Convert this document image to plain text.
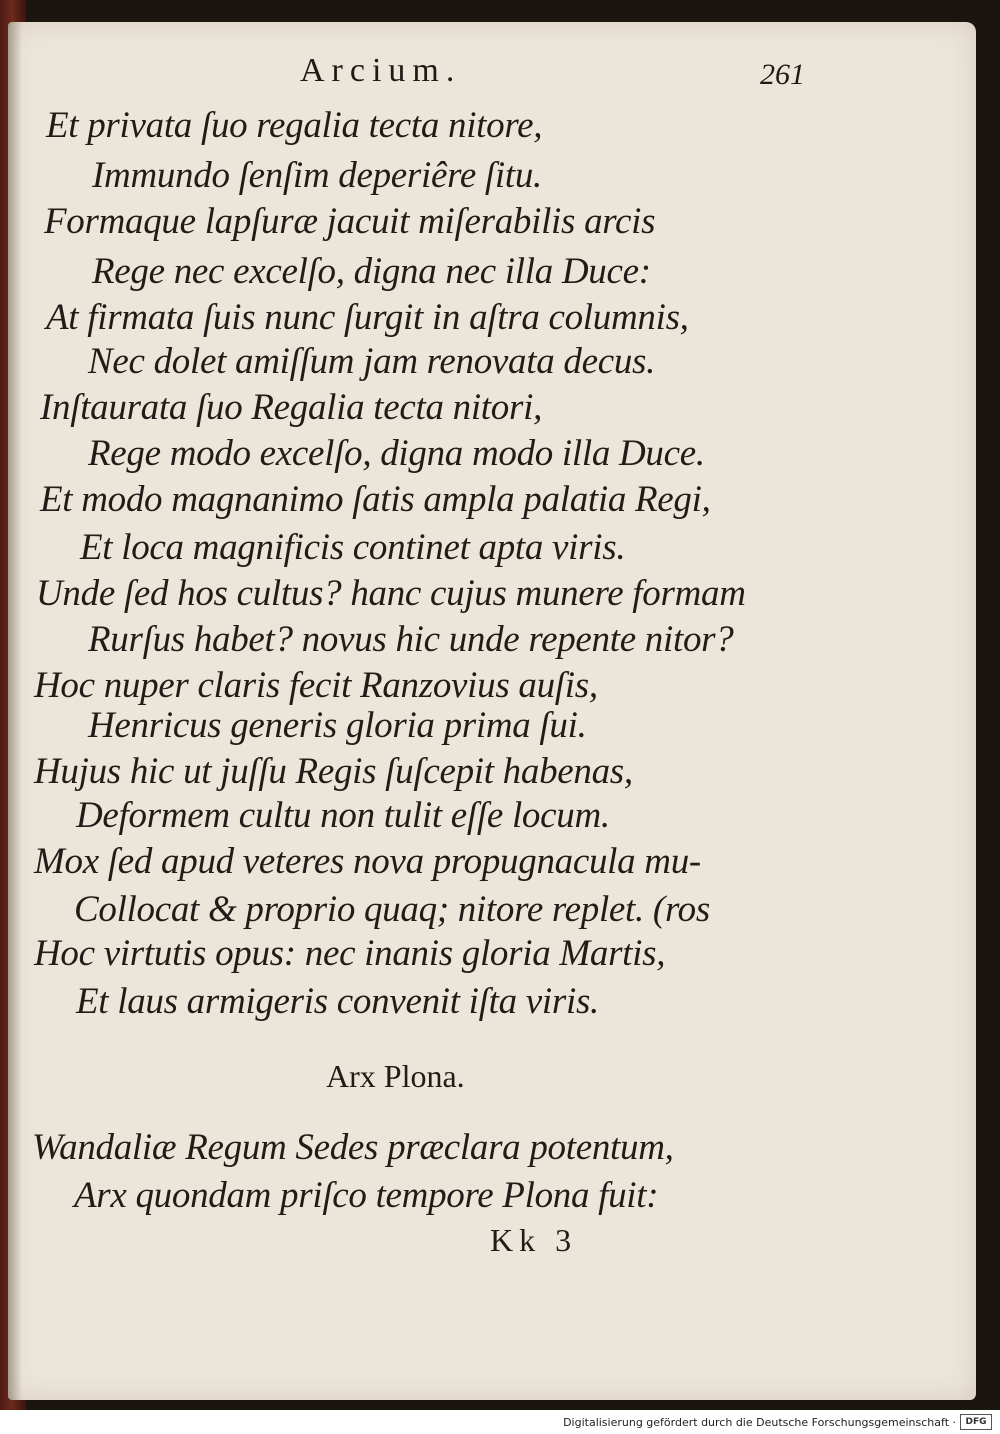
Arcium.	261
Et privata ſuo regalia tecta nitore,
Immundo ſenſim deperiêre ſitu.
Formaque lapſuræ jacuit miſerabilis arcis
Rege nec excelſo, digna nec illa Duce:
At firmata ſuis nunc ſurgit in aſtra columnis,
Nec dolet amiſſum jam renovata decus.
Inſtaurata ſuo Regalia tecta nitori,
Rege modo excelſo, digna modo illa Duce.
Et modo magnanimo ſatis ampla palatia Regi,
Et loca magnificis continet apta viris.
Unde ſed hos cultus? hanc cujus munere formam
Rurſus habet? novus hic unde repente nitor?
Hoc nuper claris fecit Ranzovius auſis,
Henricus generis gloria prima ſui.
Hujus hic ut juſſu Regis ſuſcepit habenas,
Deformem cultu non tulit eſſe locum.
Mox ſed apud veteres nova propugnacula mu-
Collocat & proprio quaq; nitore replet. (ros
Hoc virtutis opus: nec inanis gloria Martis,
Et laus armigeris convenit iſta viris.
Arx Plona.
Wandaliæ Regum Sedes præclara potentum,
Arx quondam priſco tempore Plona fuit:
Kk 3
Digitalisierung gefördert durch die Deutsche Forschungsgemeinschaft ·	DFG
